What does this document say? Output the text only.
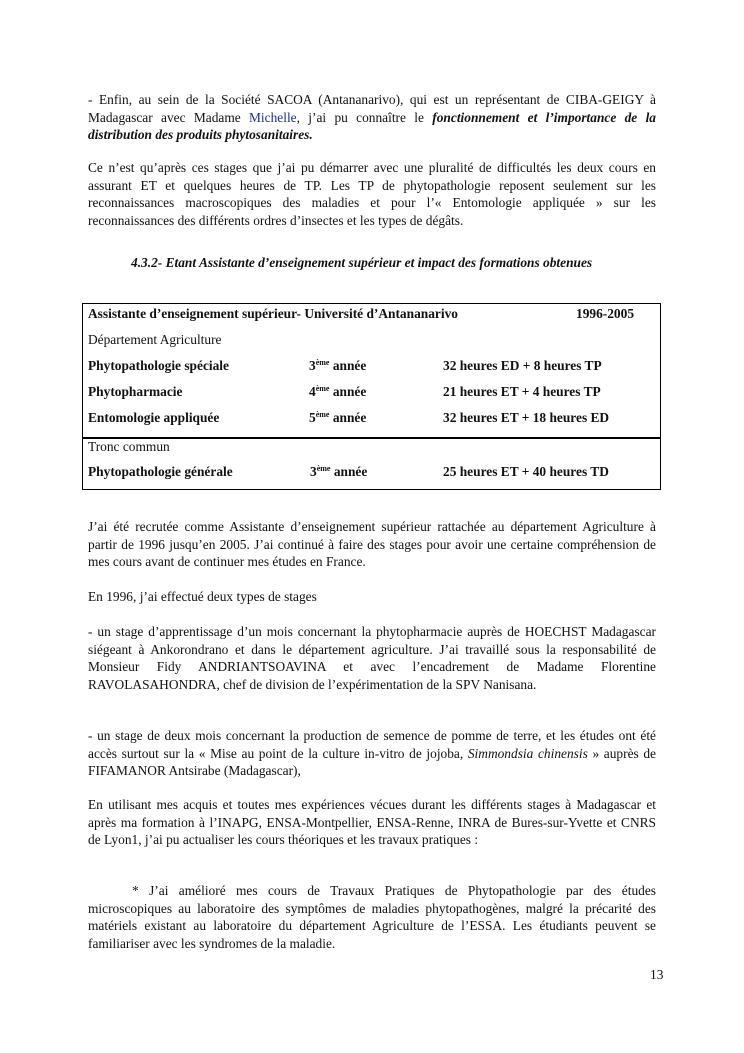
- Enfin, au sein de la Société SACOA (Antananarivo), qui est un représentant de CIBA-GEIGY à Madagascar avec Madame Michelle, j’ai pu connaître le fonctionnement et l’importance de la distribution des produits phytosanitaires.

Ce n’est qu’après ces stages que j’ai pu démarrer avec une pluralité de difficultés les deux cours en assurant ET et quelques heures de TP. Les TP de phytopathologie reposent seulement sur les reconnaissances macroscopiques des maladies et pour l’« Entomologie appliquée » sur les reconnaissances des différents ordres d’insectes et les types de dégâts.

4.3.2- Etant Assistante d’enseignement supérieur et impact des formations obtenues

Assistante d’enseignement supérieur- Université d’Antananarivo	1996-2005
Département Agriculture
Phytopathologie spéciale	3ème année	32 heures ED + 8 heures TP
Phytopharmacie	4ème année	21 heures ET + 4 heures TP
Entomologie appliquée	5ème année	32 heures ET + 18 heures ED
Tronc commun
Phytopathologie générale	3ème année	25 heures ET + 40 heures TD

J’ai été recrutée comme Assistante d’enseignement supérieur rattachée au département Agriculture à partir de 1996 jusqu’en 2005. J’ai continué à faire des stages pour avoir une certaine compréhension de mes cours avant de continuer mes études en France.

En 1996, j’ai effectué deux types de stages

- un stage d’apprentissage d’un mois concernant la phytopharmacie auprès de HOECHST Madagascar siégeant à Ankorondrano et dans le département agriculture. J’ai travaillé sous la responsabilité de Monsieur Fidy ANDRIANTSOAVINA et avec l’encadrement de Madame Florentine RAVOLASAHONDRA, chef de division de l’expérimentation de la SPV Nanisana.

- un stage de deux mois concernant la production de semence de pomme de terre, et les études ont été accès surtout sur la « Mise au point de la culture in-vitro de jojoba, Simmondsia chinensis » auprès de FIFAMANOR Antsirabe (Madagascar),

En utilisant mes acquis et toutes mes expériences vécues durant les différents stages à Madagascar et après ma formation à l’INAPG, ENSA-Montpellier, ENSA-Renne, INRA de Bures-sur-Yvette et CNRS de Lyon1, j’ai pu actualiser les cours théoriques et les travaux pratiques :

* J’ai amélioré mes cours de Travaux Pratiques de Phytopathologie par des études microscopiques au laboratoire des symptômes de maladies phytopathogènes, malgré la précarité des matériels existant au laboratoire du département Agriculture de l’ESSA. Les étudiants peuvent se familiariser avec les syndromes de la maladie.

13
